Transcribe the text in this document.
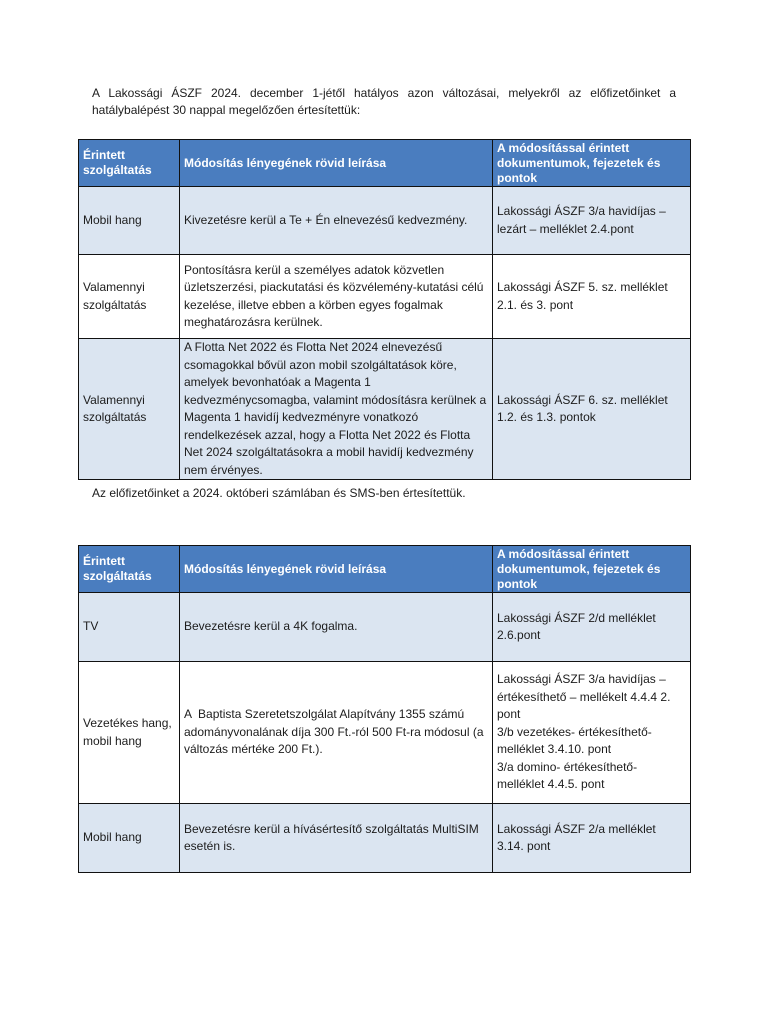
A Lakossági ÁSZF 2024. december 1-jétől hatályos azon változásai, melyekről az előfizetőinket a hatálybalépést 30 nappal megelőzően értesítettük:

Érintett szolgáltatás	Módosítás lényegének rövid leírása	A módosítással érintett dokumentumok, fejezetek és pontok
Mobil hang	Kivezetésre kerül a Te + Én elnevezésű kedvezmény.	Lakossági ÁSZF 3/a havidíjas – lezárt – melléklet 2.4.pont

Valamennyi szolgáltatás	Pontosításra kerül a személyes adatok közvetlen üzletszerzési, piackutatási és közvélemény-kutatási célú kezelése, illetve ebben a körben egyes fogalmak meghatározásra kerülnek.	Lakossági ÁSZF 5. sz. melléklet 2.1. és 3. pont

Valamennyi szolgáltatás	A Flotta Net 2022 és Flotta Net 2024 elnevezésű csomagokkal bővül azon mobil szolgáltatások köre, amelyek bevonhatóak a Magenta 1 kedvezménycsomagba, valamint módosításra kerülnek a Magenta 1 havidíj kedvezményre vonatkozó rendelkezések azzal, hogy a Flotta Net 2022 és Flotta Net 2024 szolgáltatásokra a mobil havidíj kedvezmény nem érvényes.	Lakossági ÁSZF 6. sz. melléklet 1.2. és 1.3. pontok

Az előfizetőinket a 2024. októberi számlában és SMS-ben értesítettük.

Érintett szolgáltatás	Módosítás lényegének rövid leírása	A módosítással érintett dokumentumok, fejezetek és pontok
TV	Bevezetésre kerül a 4K fogalma.	Lakossági ÁSZF 2/d melléklet 2.6.pont

Vezetékes hang, mobil hang	A  Baptista Szeretetszolgálat Alapítvány 1355 számú adományvonalának díja 300 Ft.-ról 500 Ft-ra módosul (a változás mértéke 200 Ft.).	Lakossági ÁSZF 3/a havidíjas – értékesíthető – mellékelt 4.4.4 2. pont
3/b vezetékes- értékesíthető- melléklet 3.4.10. pont
3/a domino- értékesíthető- melléklet 4.4.5. pont

Mobil hang	Bevezetésre kerül a hívásértesítő szolgáltatás MultiSIM esetén is.	Lakossági ÁSZF 2/a melléklet 3.14. pont
